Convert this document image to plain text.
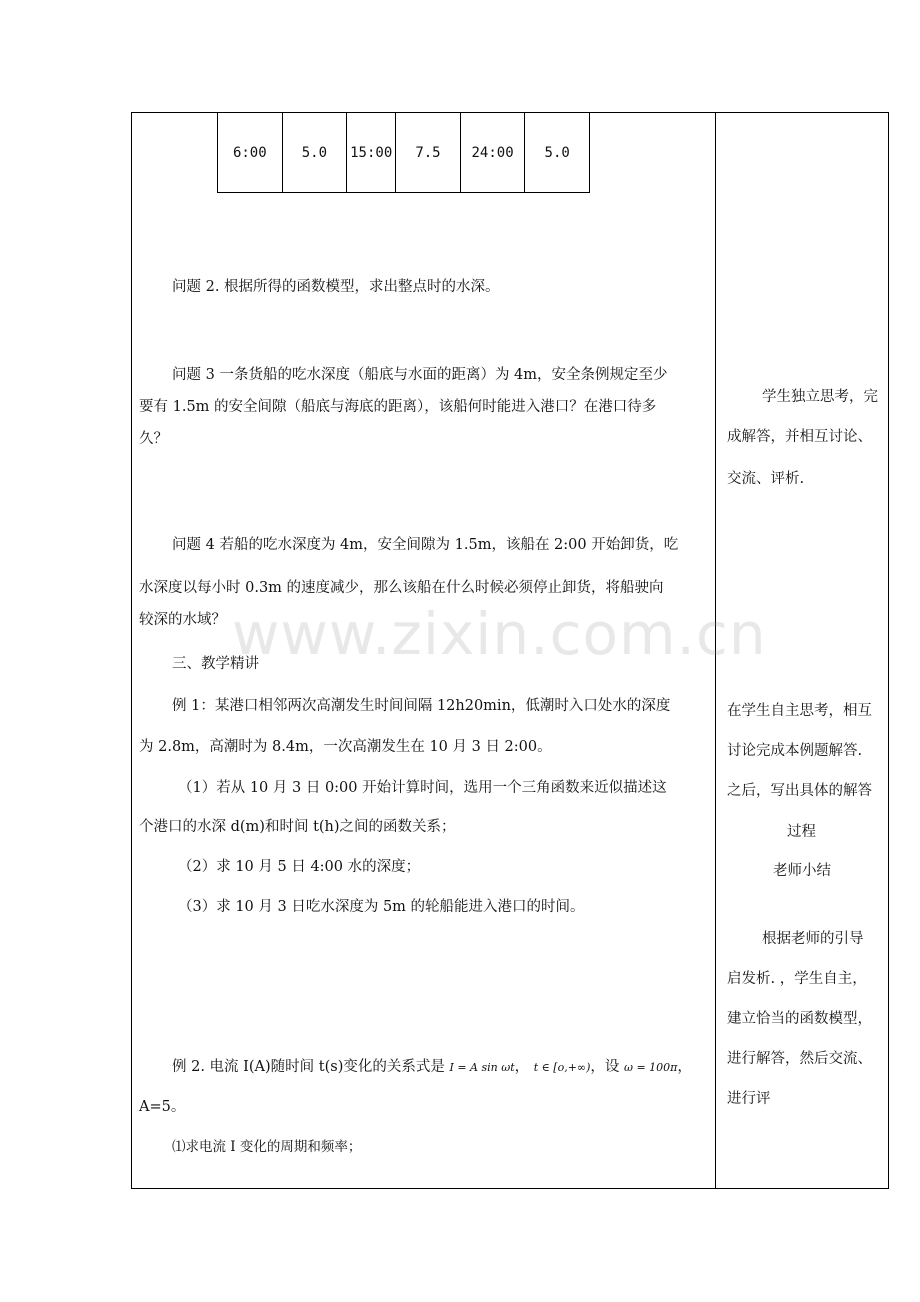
6:00	5.0	15:00	7.5	24:00	5.0
www.zixin.com.cn
问题 2. 根据所得的函数模型，求出整点时的水深。
问题 3 一条货船的吃水深度（船底与水面的距离）为 4m，安全条例规定至少
要有 1.5m 的安全间隙（船底与海底的距离），该船何时能进入港口？在港口待多
久？
问题 4 若船的吃水深度为 4m，安全间隙为 1.5m，该船在 2:00 开始卸货，吃
水深度以每小时 0.3m 的速度减少，那么该船在什么时候必须停止卸货，将船驶向
较深的水域？
三、教学精讲
例 1：某港口相邻两次高潮发生时间间隔 12h20min，低潮时入口处水的深度
为 2.8m，高潮时为 8.4m，一次高潮发生在 10 月 3 日 2:00。
（1）若从 10 月 3 日 0:00 开始计算时间，选用一个三角函数来近似描述这
个港口的水深 d(m)和时间 t(h)之间的函数关系；
（2）求 10 月 5 日 4:00 水的深度；
（3）求 10 月 3 日吃水深度为 5m 的轮船能进入港口的时间。
例 2. 电流 I(A)随时间 t(s)变化的关系式是 I = A sin ωt， t ∈ [o,+∞)，设 ω = 100π，
A=5。
⑴求电流 I 变化的周期和频率；
学生独立思考，完
成解答，并相互讨论、
交流、评析.
在学生自主思考，相互
讨论完成本例题解答.
之后，写出具体的解答
过程
老师小结
根据老师的引导
启发析. ，学生自主，
建立恰当的函数模型，
进行解答，然后交流、
进行评
